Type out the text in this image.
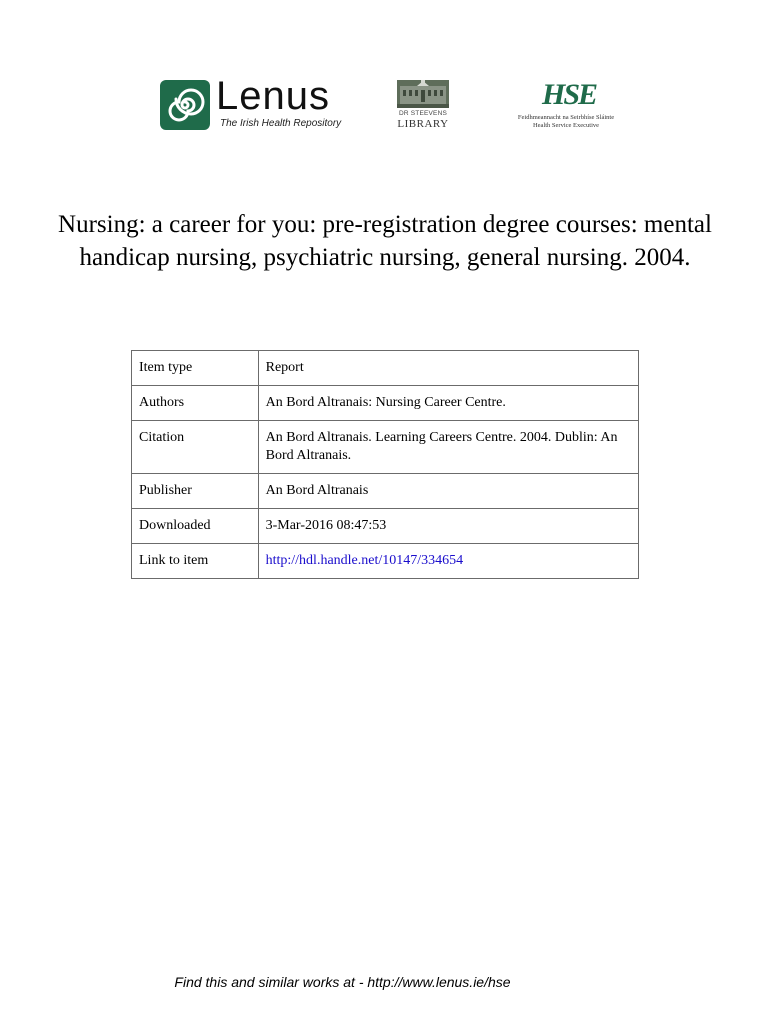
Lenus
The Irish Health Repository
DR STEEVENS
LIBRARY
HSE
Feidhmeannacht na Seirbhíse Sláinte
Health Service Executive
Nursing: a career for you: pre-registration degree courses: mental handicap nursing, psychiatric nursing, general nursing. 2004.
Item type	Report
Authors	An Bord Altranais: Nursing Career Centre.
Citation	An Bord Altranais. Learning Careers Centre. 2004. Dublin: An Bord Altranais.
Publisher	An Bord Altranais
Downloaded	3-Mar-2016 08:47:53
Link to item	http://hdl.handle.net/10147/334654
Find this and similar works at - http://www.lenus.ie/hse
